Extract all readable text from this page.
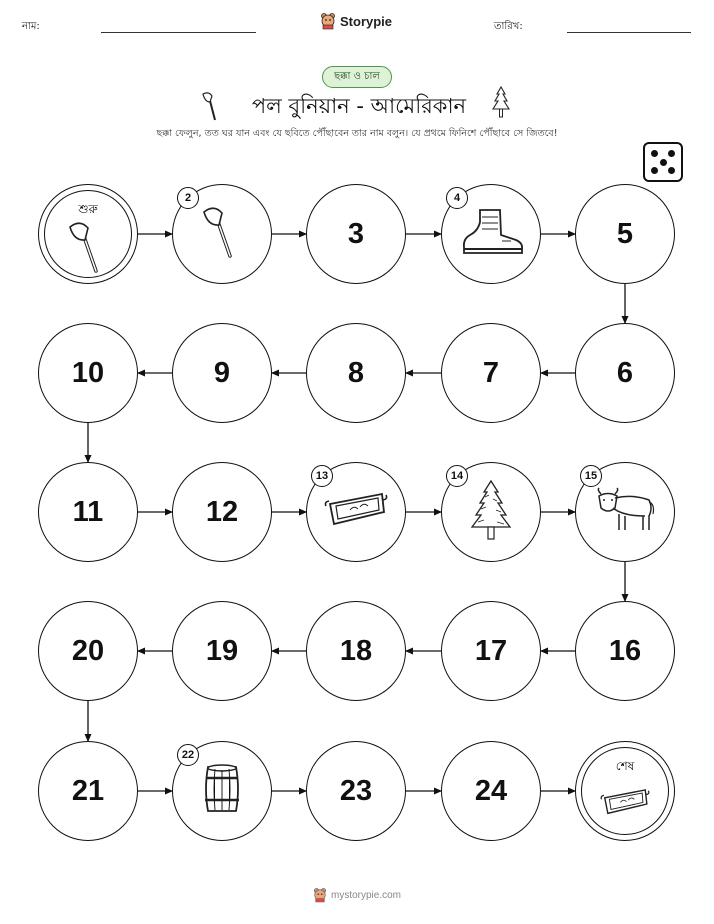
নাম:	Storypie	তারিখ:
ছক্কা ও চাল
পল বুনিয়ান - আমেরিকান
ছক্কা ফেলুন, তত ঘর যান এবং যে ছবিতে পৌঁছাবেন তার নাম বলুন। যে প্রথমে ফিনিশে পৌঁছাবে সে জিতবে!
শুরু
2
3
4
5
6
7
8
9
10
11	12
13	14	15
16
17
18
19
20
21
22
23	24
শেষ
mystorypie.com
